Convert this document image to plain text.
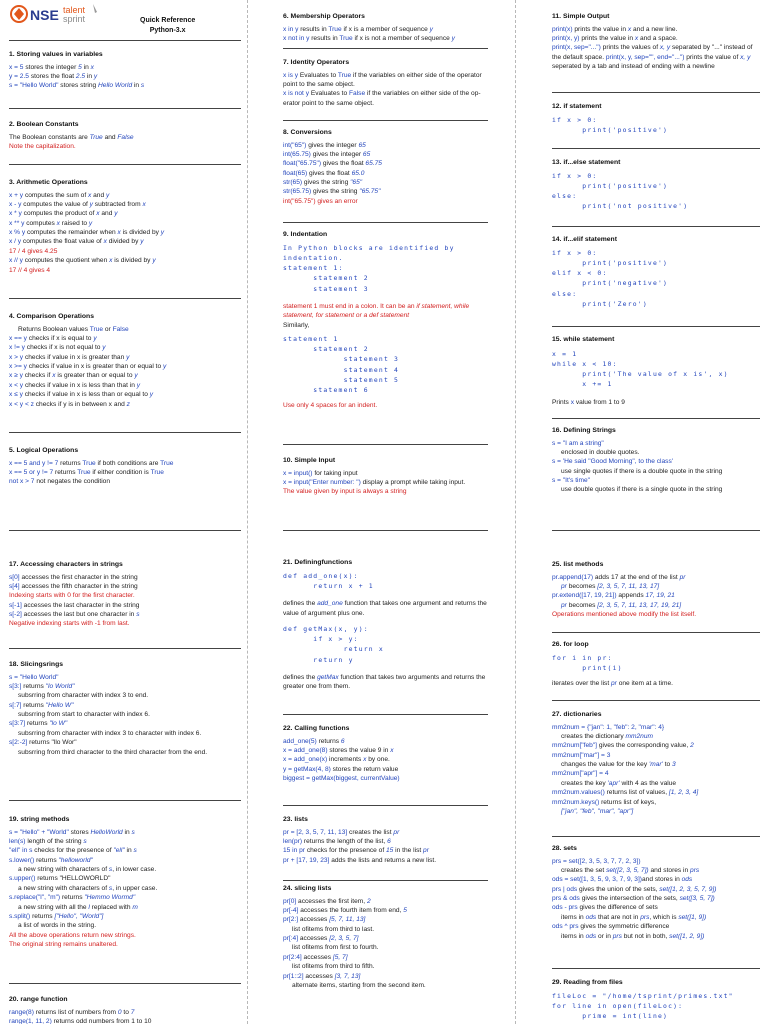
NSE talent
sprint	Quick Reference
Python-3.x
1. Storing values in variables
x = 5 stores the integer 5 in x
y = 2.5 stores the float 2.5 in y
s = "Hello World" stores string Hello World in s
2. Boolean Constants
The Boolean constants are True and False
Note the capitalization.
3. Arithmetic Operations
x + y computes the sum of x and y
x - y computes the value of y subtracted from x
x * y computes the product of x and y
x ** y computes x raised to y
x % y computes the remainder when x is divided by y
x / y computes the float value of x divided by y
17 / 4 gives 4.25
x // y computes the quotient when x is divided by y
17 // 4 gives 4
4. Comparison Operations
Returns Boolean values True or False
x == y checks if x is equal to y
x != y checks if x is not equal to y
x > y checks if value in x is greater than y
x >= y checks if value in x is greater than or equal to y
x ≥ y checks if x is greater than or equal to y
x < y checks if value in x is less than that in y
x ≤ y checks if value in x is less than or equal to y
x < y < z checks if y is in between x and z
5. Logical Operations
x == 5 and y != 7 returns True if both conditions are True
x == 5 or y != 7 returns True if either condition is True
not x > 7 not negates the condition
17. Accessing characters in strings
s[0] accesses the first character in the string
s[4] accesses the fifth character in the string
Indexing starts with 0 for the first character.
s[-1] accesses the last character in the string
s[-2] accesses the last but one character in s
Negative indexing starts with -1 from last.
18. Slicingsrings
s = "Hello World"
s[3:] returns "lo World"
subsrring from character with index 3 to end.
s[:7] returns "Hello W"
subsrring from start to character with index 6.
s[3:7] returns "lo W"
subsrring from character with index 3 to character with index 6.
s[2:-2] returns "llo Wor"
subsrring from third character to the third character from the end.
19. string methods
s = "Hello" + "World" stores HelloWorld in s
len(s) length of the string s
"ell" in s checks for the presence of "ell" in s
s.lower() returns "helloworld"
a new string with characters of s, in lower case.
s.upper() returns "HELLOWORLD"
a new string with characters of s, in upper case.
s.replace("l", "m") returns "Hemmo Wormd"
a new string with all the l replaced with m
s.split() returns ["Hello", "World"]
a list of words in the string.
All the above operations return new strings.
The original string remains unaltered.
20. range function
range(8) returns list of numbers from 0 to 7
range(1, 11, 2) returns odd numbers from 1 to 10
6. Membership Operators
x in y results in True if x is a member of sequence y
x not in y results in True if x is not a member of sequence y
7. Identity Operators
x is y Evaluates to True if the variables on either side of the operator point to the same object.
x is not y Evaluates to False if the variables on either side of the op-erator point to the same object.
8. Conversions
int("65") gives the integer 65
int(65.75) gives the integer 65
float("65.75") gives the float 65.75
float(65) gives the float 65.0
str(65) gives the string "65"
str(65.75) gives the string "65.75"
int("65.75") gives an error
9. Indentation
In Python blocks are identified by
indentation.
statement 1:
statement 2
statement 3
statement 1 must end in a colon. It can be an if statement, while statement, for statement or a def statement
Similarly,
statement 1
statement 2
statement 3
statement 4
statement 5
statement 6
Use only 4 spaces for an indent.
10. Simple Input
x = input() for taking input
x = input("Enter number: ") display a prompt while taking input.
The value given by input is always a string
21. Definingfunctions
def add_one(x):
return x + 1
defines the add_one function that takes one argument and returns the value of argument plus one.
def getMax(x, y):
if x > y:
return x
return y
defines the getMax function that takes two arguments and returns the greater one from them.
22. Calling functions
add_one(5) returns 6
x = add_one(8) stores the value 9 in x
x = add_one(x) increments x by one.
y = getMax(4, 8) stores the return value
biggest = getMax(biggest, currentValue)
23. lists
pr = [2, 3, 5, 7, 11, 13] creates the list pr
len(pr) returns the length of the list, 6
15 in pr checks for the presence of 15 in the list pr
pr + [17, 19, 23] adds the lists and returns a new list.
24. slicing lists
pr[0] accesses the first item, 2
pr[-4] accesses the fourth item from end, 5
pr[2:] accesses [5, 7, 11, 13]
list ofitems from third to last.
pr[:4] accesses [2, 3, 5, 7]
list ofitems from first to fourth.
pr[2:4] accesses [5, 7]
list ofitems from third to fifth.
pr[1::2] accesses [3, 7, 13]
alternate items, starting from the second item.
11. Simple Output
print(x) prints the value in x and a new line.
print(x, y) prints the value in x and a space.
print(x, sep="...") prints the values of x, y separated by "..." instead of the default space. print(x, y, sep="", end="...") prints the value of x, y seperated by a tab and instead of ending with a newline
12. if statement
if x > 0:
print('positive')
13. if...else statement
if x > 0:
print('positive')
else:
print('not positive')
14. if...elif statement
if x > 0:
print('positive')
elif x < 0:
print('negative')
else:
print('Zero')
15. while statement
x = 1
while x < 10:
print('The value of x is', x)
x += 1
Prints x value from 1 to 9
16. Defining Strings
s = "I am a string"
enclosed in double quotes.
s = 'He said "Good Morning", to the class'
use single quotes if there is a double quote in the string
s = "It's time"
use double quotes if there is a single quote in the string
25. list methods
pr.append(17) adds 17 at the end of the list pr
pr becomes [2, 3, 5, 7, 11, 13, 17]
pr.extend([17, 19, 21]) appends 17, 19, 21
pr becomes [2, 3, 5, 7, 11, 13, 17, 19, 21]
Operations mentioned above modify the list itself.
26. for loop
for i in pr:
print(i)
iterates over the list pr one item at a time.
27. dictionaries
mm2num = {"jan": 1, "feb": 2, "mar": 4}
creates the dictionary mm2num
mm2num["feb"] gives the corresponding value, 2
mm2num["mar"] = 3
changes the value for the key 'mar' to 3
mm2num["apr"] = 4
creates the key 'apr' with 4 as the value
mm2num.values() returns list of values, [1, 2, 3, 4]
mm2num.keys() returns list of keys,
["jan", "feb", "mar", "apr"]
28. sets
prs = set([2, 3, 5, 3, 7, 7, 2, 3])
creates the set set([2, 3, 5, 7]) and stores in prs
ods = set([1, 3, 5, 9, 3, 7, 9, 3])and stores in ods
prs | ods gives the union of the sets, set([1, 2, 3, 5, 7, 9])
prs & ods gives the intersection of the sets, set([3, 5, 7])
ods - prs gives the difference of sets
items in ods that are not in prs, which is set([1, 9])
ods ^ prs gives the symmetric difference
items in ods or in prs but not in both, set([1, 2, 9])
29. Reading from files
fileLoc = "/home/tsprint/primes.txt"
for line in open(fileLoc):
prime = int(line)
